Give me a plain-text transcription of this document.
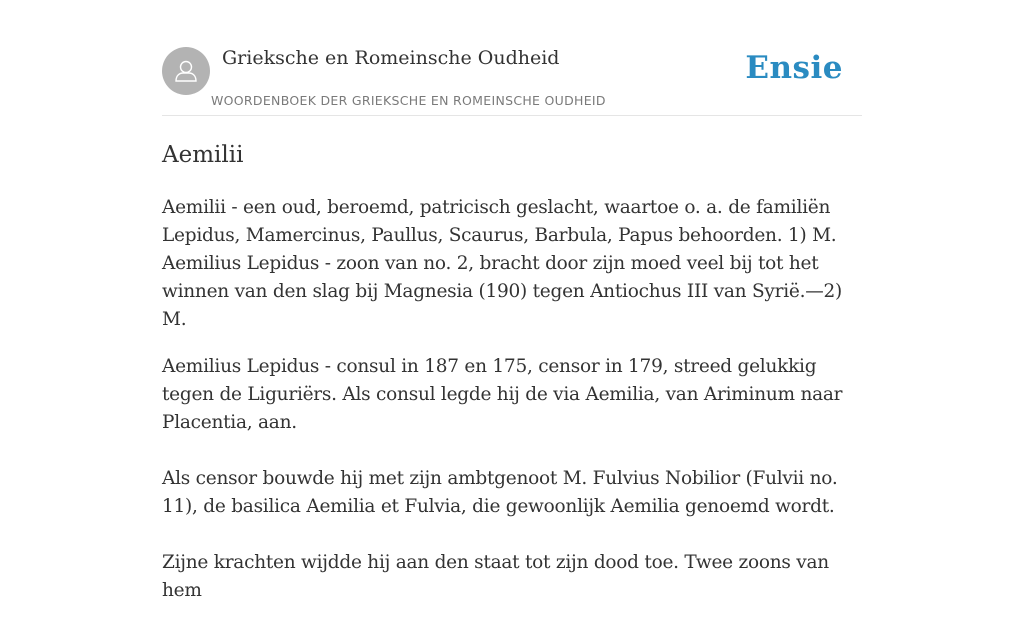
Grieksche en Romeinsche Oudheid
WOORDENBOEK DER GRIEKSCHE EN ROMEINSCHE OUDHEID
Ensie
Aemilii

Aemilii - een oud, beroemd, patricisch geslacht, waartoe o. a. de familiën Lepidus, Mamercinus, Paullus, Scaurus, Barbula, Papus behoorden. 1) M. Aemilius Lepidus - zoon van no. 2, bracht door zijn moed veel bij tot het winnen van den slag bij Magnesia (190) tegen Antiochus III van Syrië.—2) M.

Aemilius Lepidus - consul in 187 en 175, censor in 179, streed gelukkig tegen de Liguriërs. Als consul legde hij de via Aemilia, van Ariminum naar Placentia, aan.

Als censor bouwde hij met zijn ambtgenoot M. Fulvius Nobilior (Fulvii no. 11), de basilica Aemilia et Fulvia, die gewoonlijk Aemilia genoemd wordt.

Zijne krachten wijdde hij aan den staat tot zijn dood toe. Twee zoons van hem
